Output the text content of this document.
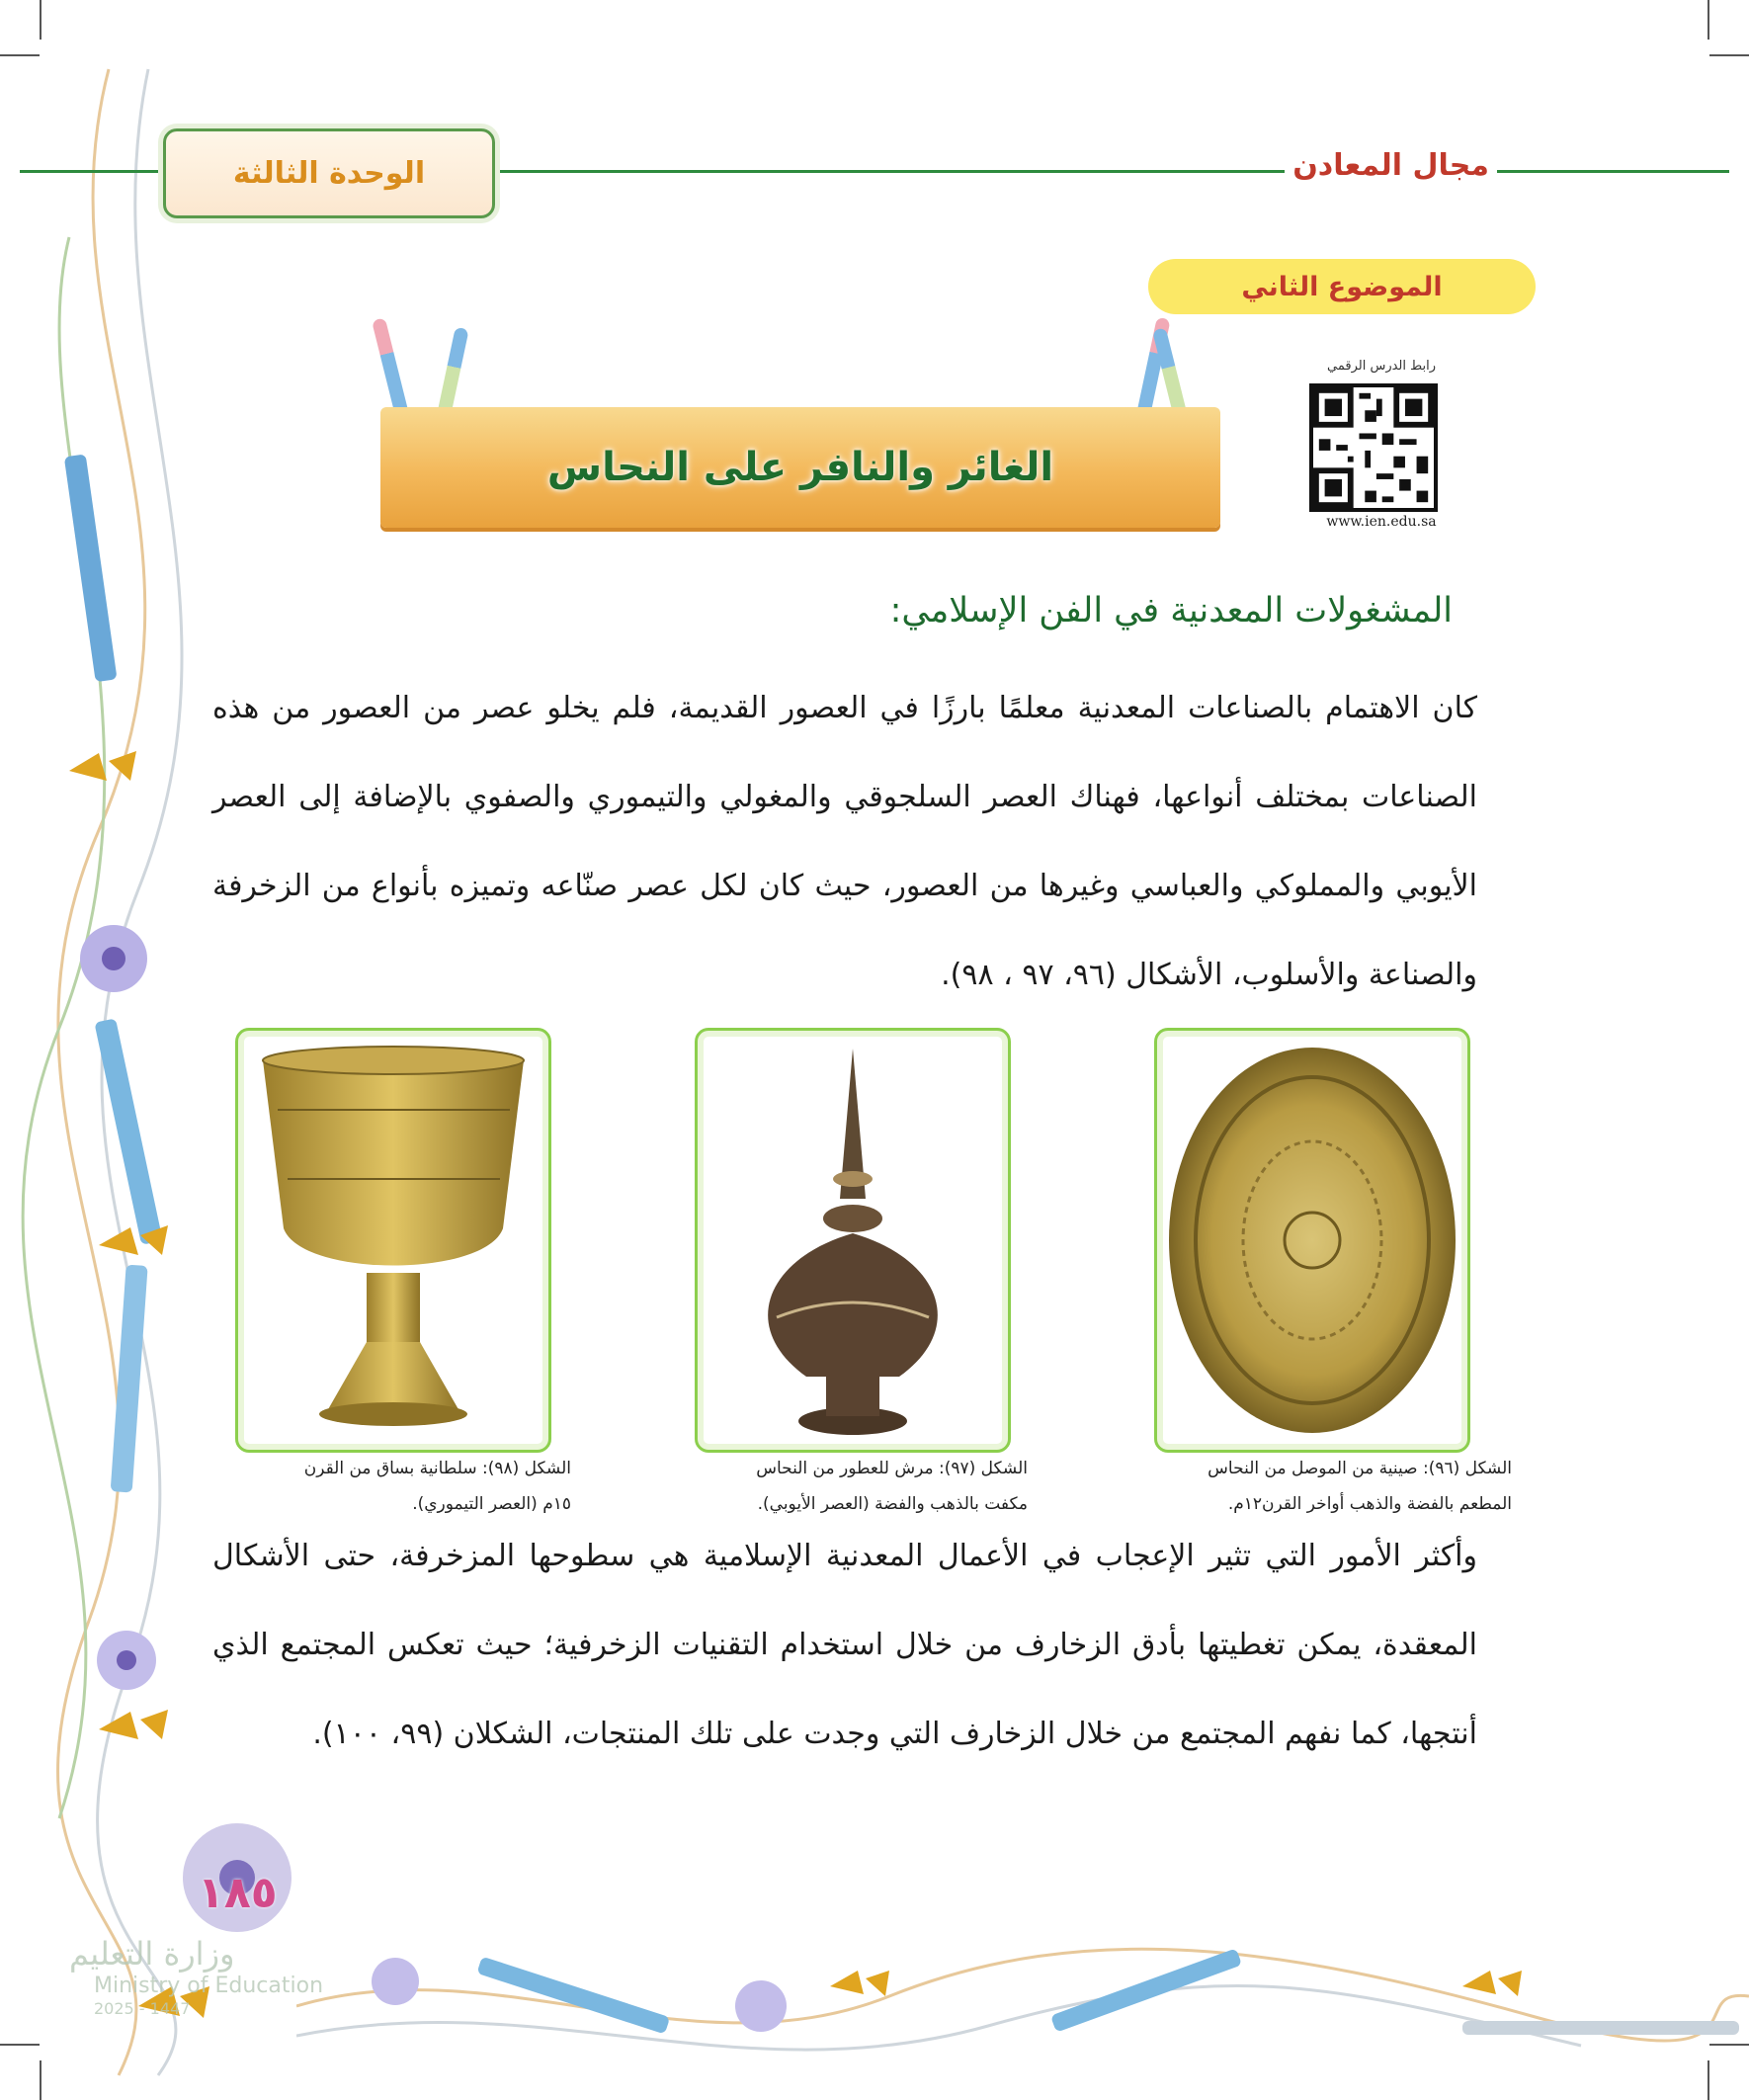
الوحدة الثالثة	مجال المعادن
الموضوع الثاني
الغائر والنافر على النحاس
رابط الدرس الرقمي
www.ien.edu.sa
المشغولات المعدنية في الفن الإسلامي:
كان الاهتمام بالصناعات المعدنية معلمًا بارزًا في العصور القديمة، فلم يخلو عصر من العصور من هذه الصناعات بمختلف أنواعها، فهناك العصر السلجوقي والمغولي والتيموري والصفوي بالإضافة إلى العصر الأيوبي والمملوكي والعباسي وغيرها من العصور، حيث كان لكل عصر صنّاعه وتميزه بأنواع من الزخرفة والصناعة والأسلوب، الأشكال (٩٦، ٩٧ ، ٩٨).
الشكل (٩٦): صينية من الموصل من النحاس
المطعم بالفضة والذهب أواخر القرن١٢م.
الشكل (٩٧): مرش للعطور من النحاس
مكفت بالذهب والفضة (العصر الأيوبي).
الشكل (٩٨): سلطانية بساق من القرن
١٥م (العصر التيموري).
وأكثر الأمور التي تثير الإعجاب في الأعمال المعدنية الإسلامية هي سطوحها المزخرفة، حتى الأشكال المعقدة، يمكن تغطيتها بأدق الزخارف من خلال استخدام التقنيات الزخرفية؛ حيث تعكس المجتمع الذي أنتجها، كما نفهم المجتمع من خلال الزخارف التي وجدت على تلك المنتجات، الشكلان (٩٩، ١٠٠).
١٨٥
وزارة التعليم
Ministry of Education
2025 - 1447
